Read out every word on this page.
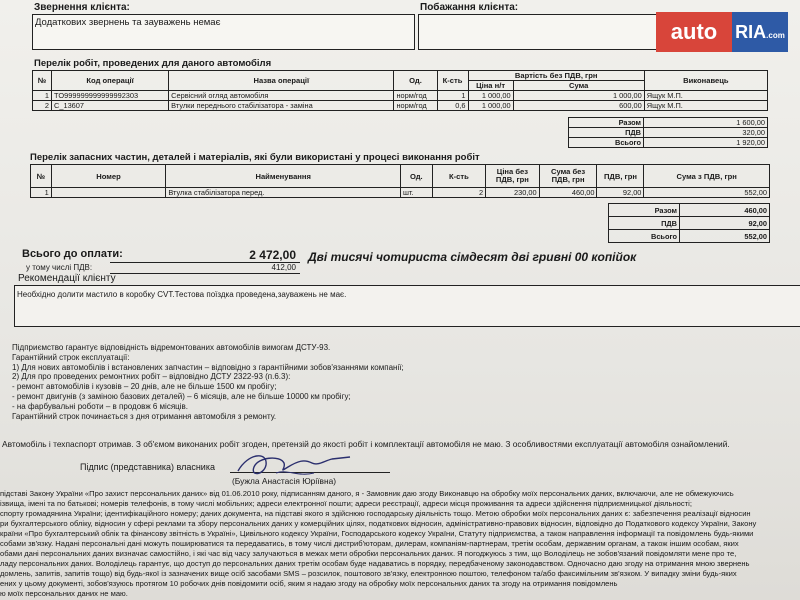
Звернення клієнта:
Додаткових звернень та зауважень немає
Побажання клієнта:
auto RIA.com
Перелік робіт, проведених для даного автомобіля
№	Код операції	Назва операції	Од.	К-сть	Вартість без ПДВ, грн		Виконавець
					Ціна н/т	Сума	
1	TO999999999999992303	Сервісний огляд автомобіля	норм/год	1	1 000,00	1 000,00	Ящук М.П.
2	C_13607	Втулки переднього стабілізатора - заміна	норм/год	0,6	1 000,00	600,00	Ящук М.П.
Разом	1 600,00
ПДВ	320,00
Всього	1 920,00
Перелік запасних частин, деталей і матеріалів, які були використані у процесі виконання робіт
№	Номер	Найменування	Од.	К-сть	Ціна без ПДВ, грн	Сума без ПДВ, грн	ПДВ, грн	Сума з ПДВ, грн
1		Втулка стабілізатора перед.	шт.	2	230,00	460,00	92,00	552,00
Разом	460,00
ПДВ	92,00
Всього	552,00
Всього до оплати:	2 472,00 Дві тисячі чотириста сімдесят дві гривні 00 копійок
у тому числі ПДВ:	412,00
Рекомендації клієнту
Необхідно долити мастило в коробку CVT.Тестова поїздка проведена,зауважень не має.
Підприємство гарантує відповідність відремонтованих автомобілів вимогам ДСТУ-93.
Гарантійний строк експлуатації:
1) Для нових автомобілів і встановлених запчастин – відповідно з гарантійними зобов'язаннями компанії;
2) Для про проведених ремонтних робіт – відповідно ДСТУ 2322-93 (п.6.3):
- ремонт автомобілів і кузовів – 20 днів, але не більше 1500 км пробігу;
- ремонт двигунів (з заміною базових деталей) – 6 місяців, але не більше 10000 км пробігу;
- на фарбувальні роботи – в продовж 6 місяців.
Гарантійний строк починається з дня отримання автомобіля з ремонту.
Автомобіль і техпаспорт отримав. З об'ємом виконаних робіт згоден, претензій до якості робіт і комплектації автомобіля не маю. З особливостями експлуатації автомобіля ознайомлений.
Підпис (представника) власника
(Бужла Анастасія Юріївна)
підставі Закону України «Про захист персональних даних» від 01.06.2010 року, підписанням даного, я - Замовник даю згоду Виконавцю на обробку моїх персональних даних, включаючи, але не обмежуючись
ізвища, імені та по батькові; номерів телефонів, в тому числі мобільних; адреси електронної пошти; адреси реєстрації, адреси місця проживання та адреси здійснення підприємницької діяльності;
спорту громадянина України; ідентифікаційного номеру; даних документа, на підставі якого я здійснюю господарську діяльність тощо. Метою обробки моїх персональних даних є: забезпечення реалізації відносин
ри бухгалтерського обліку, відносин у сфері реклами та збору персональних даних у комерційних цілях, податкових відносин, адміністративно-правових відносин, відповідно до Податкового кодексу України, Закону
країни «Про бухгалтерський облік та фінансову звітність в Україні», Цивільного кодексу України, Господарського кодексу України, Статуту підприємства, а також направлення інформації та повідомлень будь-якими
собами зв'язку. Надані персональні дані можуть поширюватися та передаватись, в тому числі дистриб'юторам, дилерам, компаніям-партнерам, третім особам, державним органам, а також іншим особам, яких
обами дані персональних даних визначає самостійно, і які час від часу залучаються в межах мети обробки персональних даних. Я погоджуюсь з тим, що Володілець не зобов'язаний повідомляти мене про те,
ладу персональних даних. Володілець гарантує, що доступ до персональних даних третім особам буде надаватись в порядку, передбаченому законодавством. Одночасно даю згоду на отримання мною звернень
домлень, запитів, запитів тощо) від будь-якої із зазначених вище осіб засобами SMS – розсилок, поштового зв'язку, електронною поштою, телефоном та/або факсимільним зв'язком. У випадку зміни будь-яких
ених у цьому документі, зобов'язуюсь протягом 10 робочих днів повідомити осіб, яким я надаю згоду на обробку моїх персональних даних та згоду на отримання повідомлень
ю моїх персональних даних не маю.
